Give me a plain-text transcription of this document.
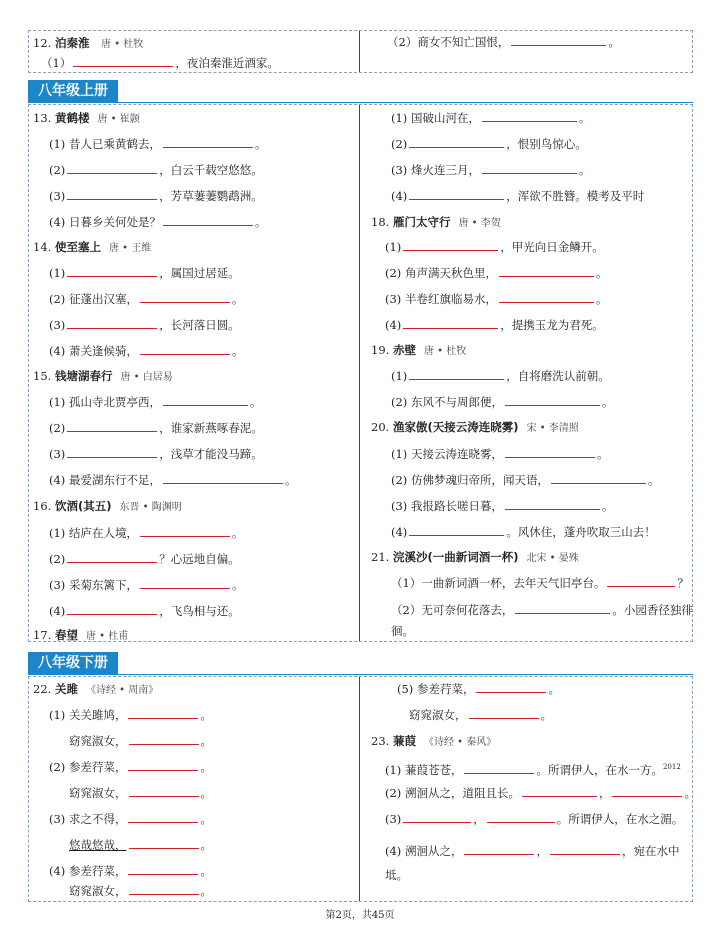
12. 泊秦淮 唐 • 杜牧
（1）	，夜泊秦淮近酒家。
（2）商女不知亡国恨，	。
八年级上册
13. 黄鹤楼 唐 • 崔颢
(1) 昔人已乘黄鹤去，	。
(2)	，白云千载空悠悠。
(3)	，芳草萋萋鹦鹉洲。
(4) 日暮乡关何处是？	。
14. 使至塞上 唐 • 王维
(1)	，属国过居延。
(2) 征蓬出汉塞，	。
(3)	，长河落日圆。
(4) 萧关逢候骑，	。
15. 钱塘湖春行 唐 • 白居易
(1) 孤山寺北贾亭西，	。
(2)	，谁家新燕啄春泥。
(3)	，浅草才能没马蹄。
(4) 最爱湖东行不足，	。
16. 饮酒(其五) 东晋 • 陶渊明
(1) 结庐在人境，	。
(2)	？心远地自偏。
(3) 采菊东篱下，	。
(4)	，飞鸟相与还。
17. 春望 唐 • 杜甫
(1) 国破山河在，	。
(2)	，恨别鸟惊心。
(3) 烽火连三月，	。
(4)	，浑欲不胜簪。模考及平时
18. 雁门太守行 唐 • 李贺
(1)	，甲光向日金鳞开。
(2) 角声满天秋色里，	。
(3) 半卷红旗临易水，	。
(4)	，提携玉龙为君死。
19. 赤壁 唐 • 杜牧
(1)	，自将磨洗认前朝。
(2) 东风不与周郎便，	。
20. 渔家傲(天接云涛连晓雾) 宋 • 李清照
(1) 天接云涛连晓雾，	。
(2) 仿佛梦魂归帝所，闻天语，	。
(3) 我报路长嗟日暮，	。
(4)	。风休住，蓬舟吹取三山去！
21. 浣溪沙(一曲新词酒一杯) 北宋 • 晏殊
（1）一曲新词酒一杯，去年天气旧亭台。	？
（2）无可奈何花落去，	。小园香径独徘
徊。
八年级下册
22. 关雎 《诗经 • 周南》
(1) 关关雎鸠，	。
窈窕淑女，	。
(2) 参差荇菜，	。
窈窕淑女，	。
(3) 求之不得，	。
悠哉悠哉，	。
(4) 参差荇菜，	。
窈窕淑女，	。
(5) 参差荇菜，	。
窈窕淑女，	。
23. 蒹葭 《诗经 • 秦风》
(1) 蒹葭苍苍，	。所谓伊人，在水一方。$^{2012}$
(2) 溯洄从之，道阻且长。	，	。
(3)	，	。所谓伊人，在水之湄。
(4) 溯洄从之，	，	，宛在水中
坻。
第2页，共45页
